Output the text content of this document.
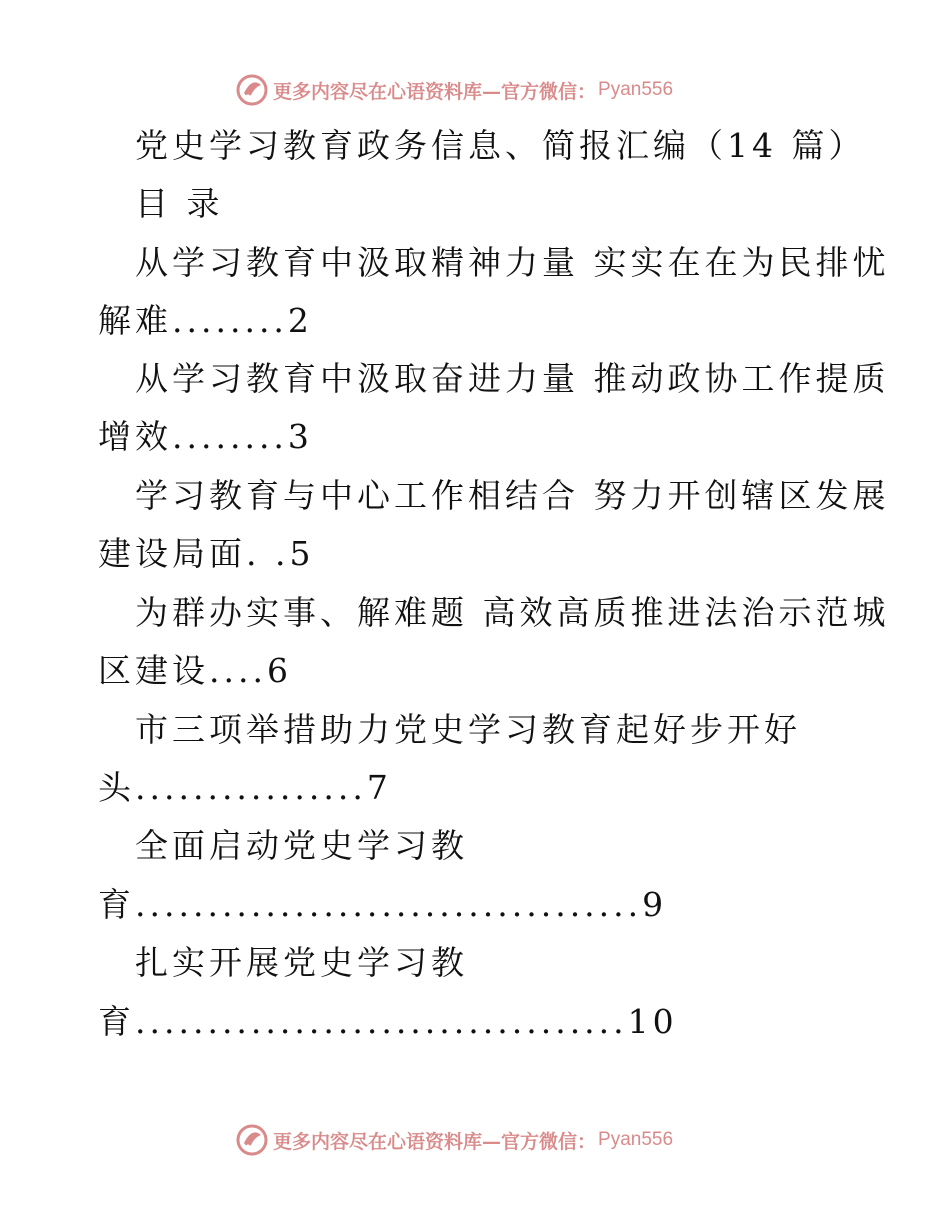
更多内容尽在心语资料库—官方微信： Pyan556
党史学习教育政务信息、简报汇编（14 篇）
目 录
从学习教育中汲取精神力量 实实在在为民排忧
解难........2
从学习教育中汲取奋进力量 推动政协工作提质
增效........3
学习教育与中心工作相结合 努力开创辖区发展
建设局面. .5
为群办实事、解难题 高效高质推进法治示范城
区建设....6
市三项举措助力党史学习教育起好步开好
头................7
全面启动党史学习教
育...................................9
扎实开展党史学习教
育..................................10
更多内容尽在心语资料库—官方微信： Pyan556
